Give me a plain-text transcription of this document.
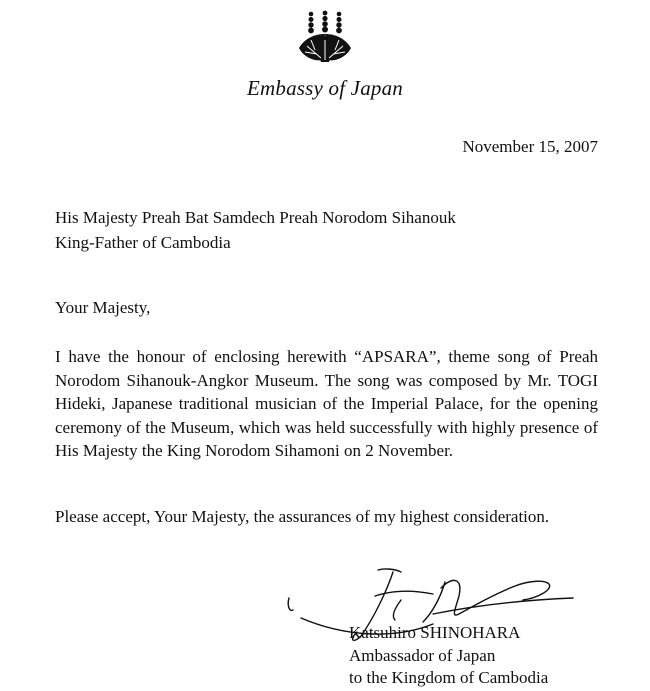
Embassy of Japan
November 15, 2007
His Majesty Preah Bat Samdech Preah Norodom Sihanouk
King-Father of Cambodia
Your Majesty,
I have the honour of enclosing herewith “APSARA”, theme song of Preah Norodom Sihanouk-Angkor Museum. The song was composed by Mr. TOGI Hideki, Japanese traditional musician of the Imperial Palace, for the opening ceremony of the Museum, which was held successfully with highly presence of His Majesty the King Norodom Sihamoni on 2 November.
Please accept, Your Majesty, the assurances of my highest consideration.
Katsuhiro SHINOHARA
Ambassador of Japan
to the Kingdom of Cambodia
